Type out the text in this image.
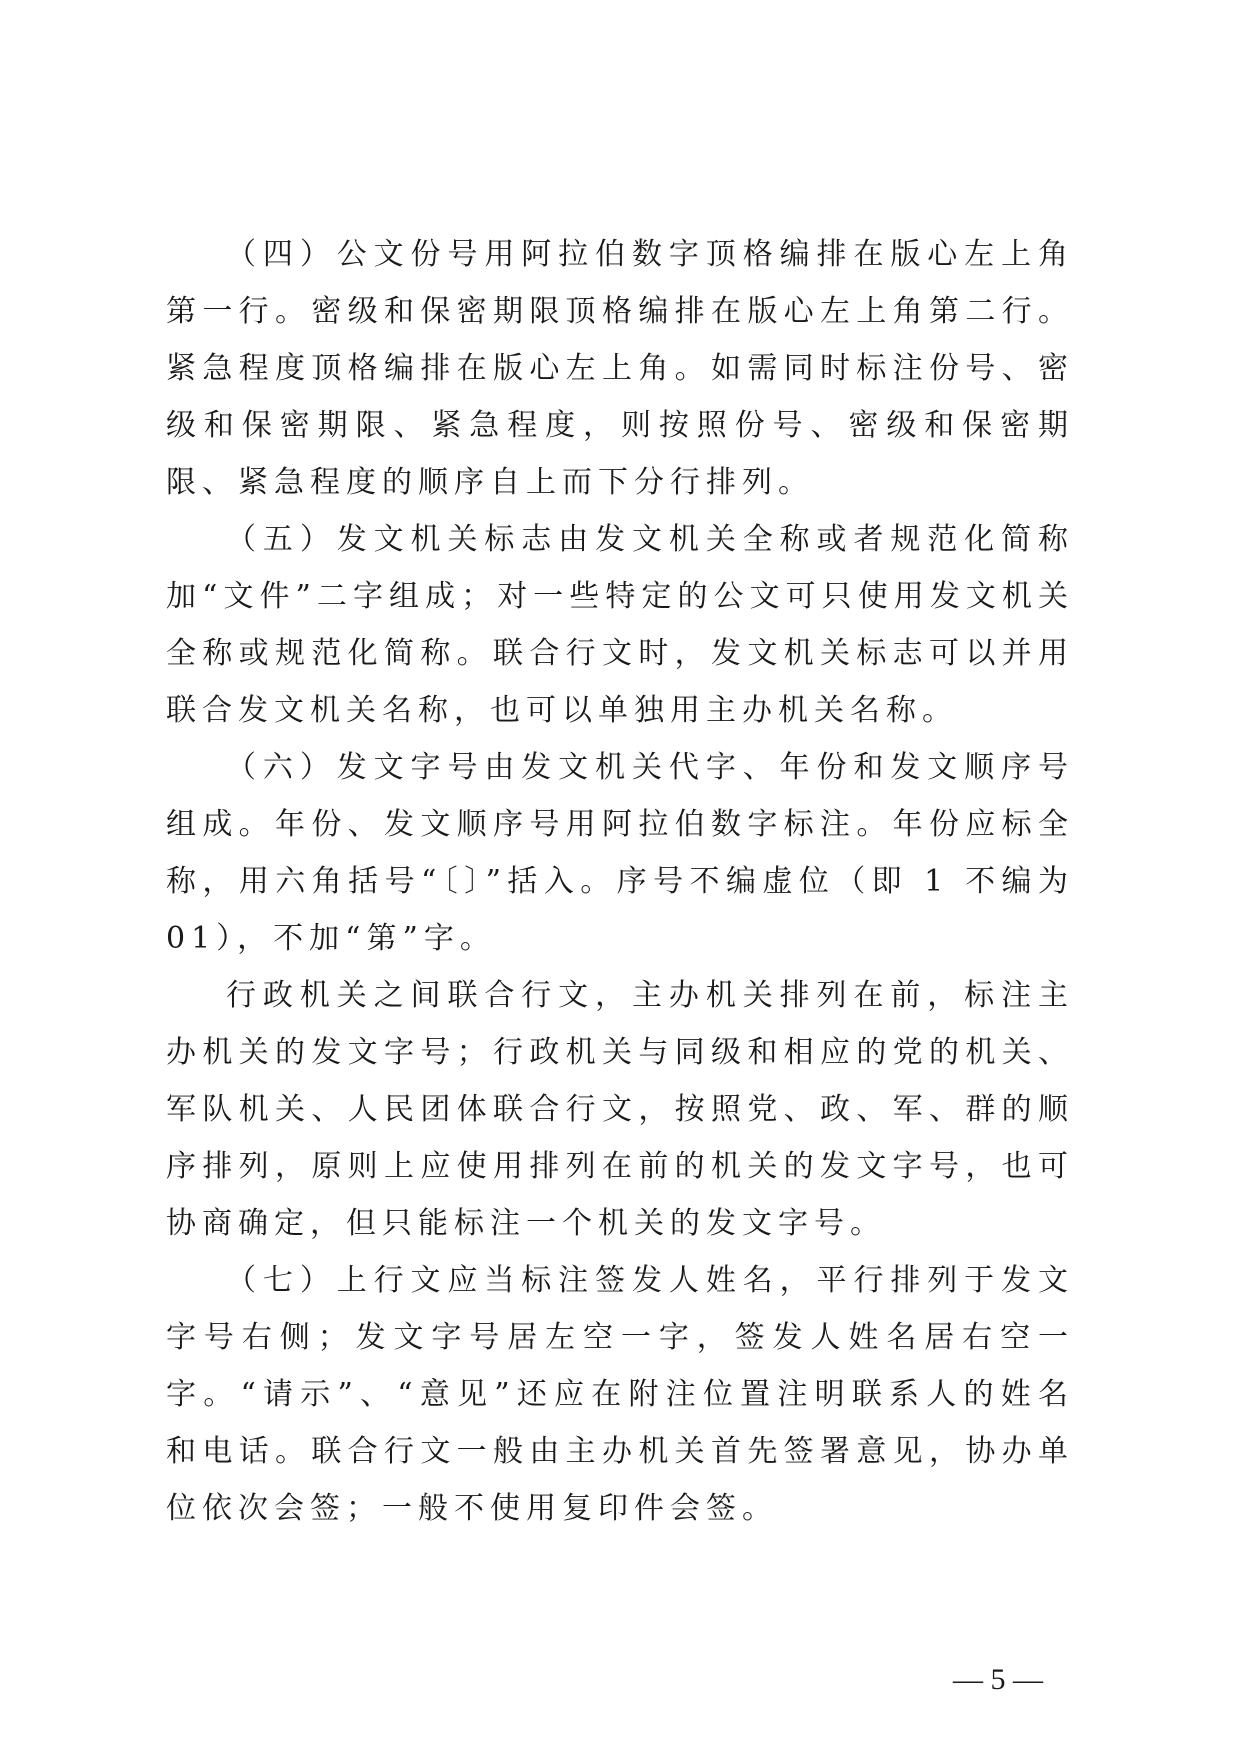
（四）公文份号用阿拉伯数字顶格编排在版心左上角第一行。密级和保密期限顶格编排在版心左上角第二行。紧急程度顶格编排在版心左上角。如需同时标注份号、密级和保密期限、紧急程度，则按照份号、密级和保密期限、紧急程度的顺序自上而下分行排列。

（五）发文机关标志由发文机关全称或者规范化简称加“文件”二字组成；对一些特定的公文可只使用发文机关全称或规范化简称。联合行文时，发文机关标志可以并用联合发文机关名称，也可以单独用主办机关名称。

（六）发文字号由发文机关代字、年份和发文顺序号组成。年份、发文顺序号用阿拉伯数字标注。年份应标全称，用六角括号“〔〕”括入。序号不编虚位（即 1 不编为 01），不加“第”字。

行政机关之间联合行文，主办机关排列在前，标注主办机关的发文字号；行政机关与同级和相应的党的机关、军队机关、人民团体联合行文，按照党、政、军、群的顺序排列，原则上应使用排列在前的机关的发文字号，也可协商确定，但只能标注一个机关的发文字号。

（七）上行文应当标注签发人姓名，平行排列于发文字号右侧；发文字号居左空一字，签发人姓名居右空一字。“请示”、“意见”还应在附注位置注明联系人的姓名和电话。联合行文一般由主办机关首先签署意见，协办单位依次会签；一般不使用复印件会签。

— 5 —
